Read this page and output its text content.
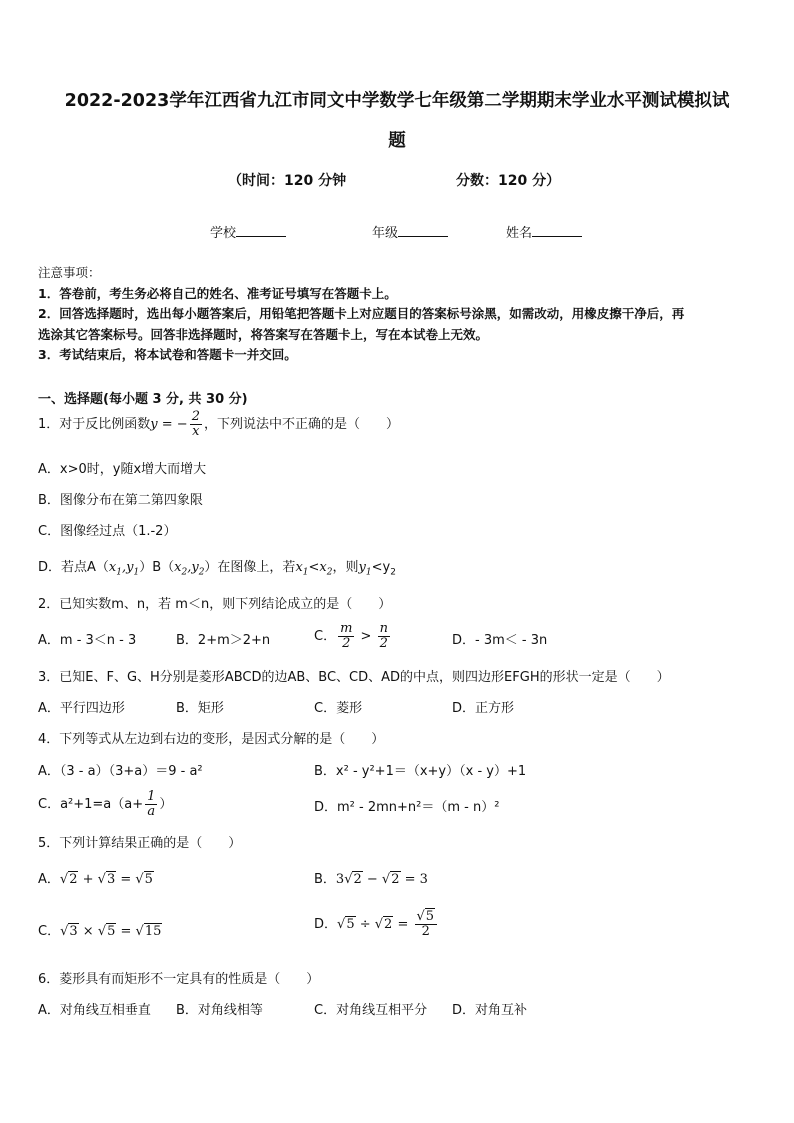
2022-2023学年江西省九江市同文中学数学七年级第二学期期末学业水平测试模拟试
题
（时间：120 分钟	分数：120 分）
学校	年级	姓名
注意事项：
1．答卷前，考生务必将自己的姓名、准考证号填写在答题卡上。
2．回答选择题时，选出每小题答案后，用铅笔把答题卡上对应题目的答案标号涂黑，如需改动，用橡皮擦干净后，再
选涂其它答案标号。回答非选择题时，将答案写在答题卡上，写在本试卷上无效。
3．考试结束后，将本试卷和答题卡一并交回。
一、选择题(每小题 3 分, 共 30 分)
1．对于反比例函数y = − $\frac{2}{x}$ ，下列说法中不正确的是（　　）
A．x>0时，y随x增大而增大
B．图像分布在第二第四象限
C．图像经过点（1.-2）
D．若点$A(x_1,y_1)B(x_2,y_2)$在图像上，若$x_1<x_2$，则$y_1<y_2$
2．已知实数m、n，若 m＜n，则下列结论成立的是（　　）
A．m - 3＜n - 3	B．2+m＞2+n	C． $\frac{m}{2} > \frac{n}{2}$	D．- 3m＜ - 3n
3．已知E、F、G、H分别是菱形ABCD的边AB、BC、CD、AD的中点，则四边形EFGH的形状一定是（　　）
A．平行四边形	B．矩形	C．菱形	D．正方形
4．下列等式从左边到右边的变形，是因式分解的是（　　）
A．（3 - a）（3+a）＝9 - a²	B．x² - y²+1＝（x+y）（x - y）+1
C．$a^2+1=a(a+ \frac{1}{a}$ ）	D．m² - 2mn+n²＝（m - n）²
5．下列计算结果正确的是（　　）
A．√2 + √3 = √5	B．3√2 − √2 = 3
C．√3 × √5 = √15	D．$√5 \div √2 = \frac{√5}{2}$
6．菱形具有而矩形不一定具有的性质是（　　）
A．对角线互相垂直 B．对角线相等	C．对角线互相平分 D．对角互补
